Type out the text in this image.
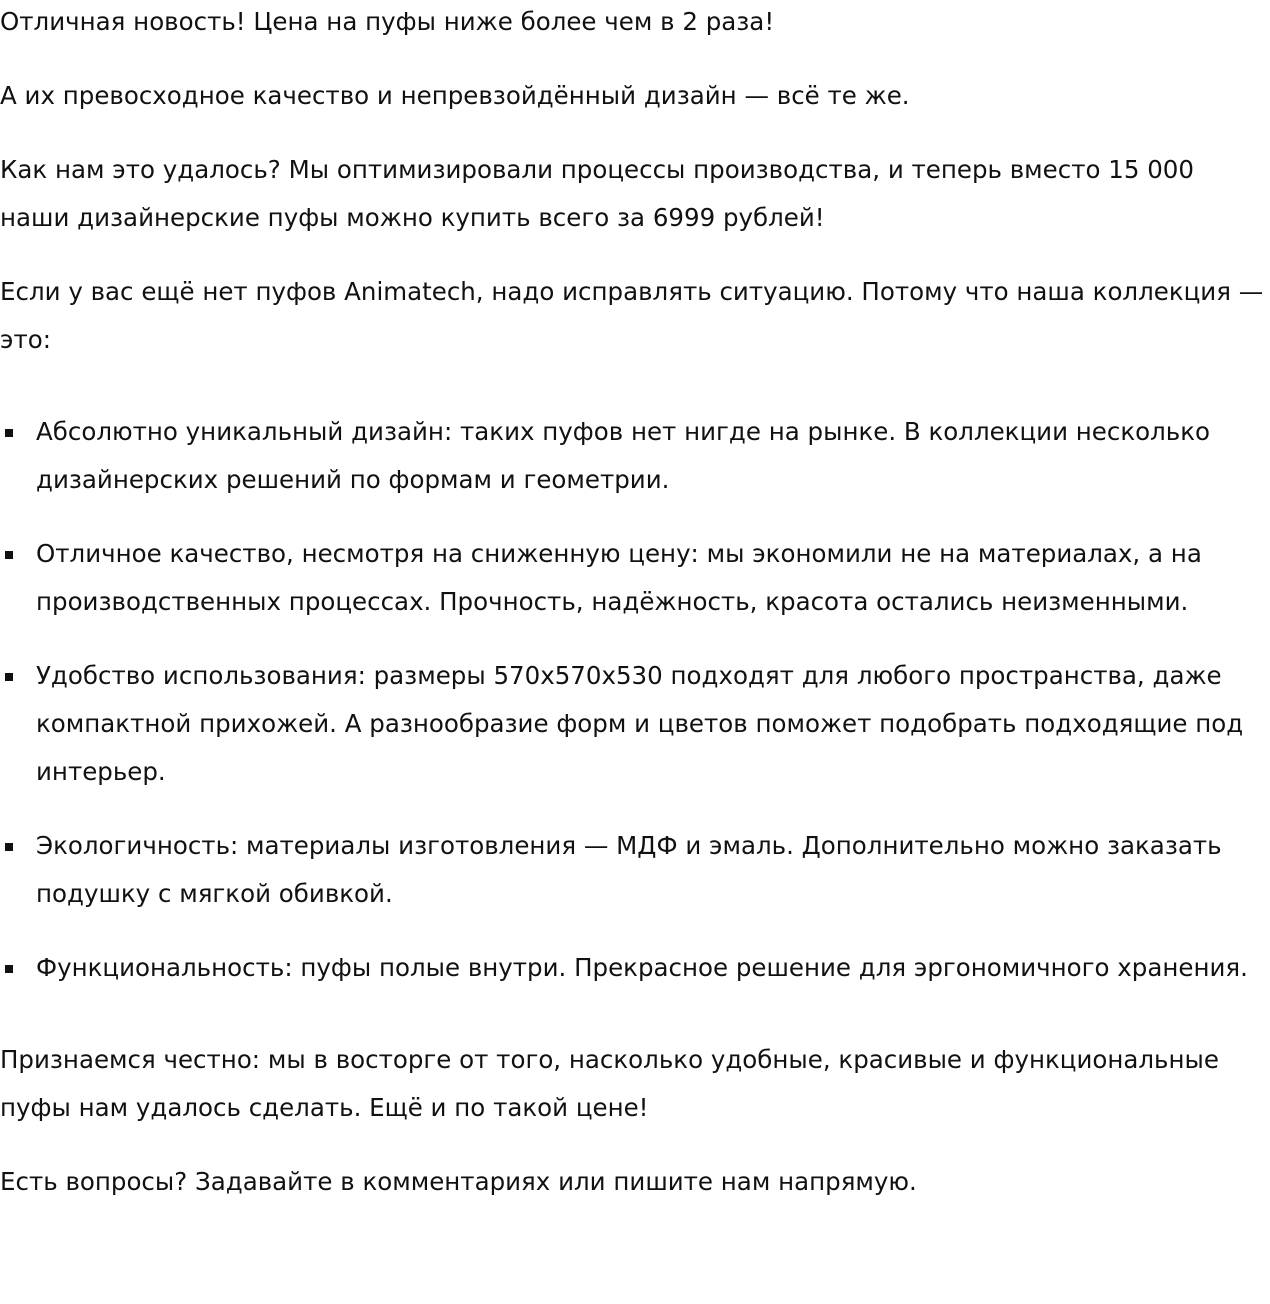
Отличная новость! Цена на пуфы ниже более чем в 2 раза!

А их превосходное качество и непревзойдённый дизайн — всё те же.

Как нам это удалось? Мы оптимизировали процессы производства, и теперь вместо 15 000 наши дизайнерские пуфы можно купить всего за 6999 рублей!

Если у вас ещё нет пуфов Animatech, надо исправлять ситуацию. Потому что наша коллекция — это:

Абсолютно уникальный дизайн: таких пуфов нет нигде на рынке. В коллекции несколько дизайнерских решений по формам и геометрии.
Отличное качество, несмотря на сниженную цену: мы экономили не на материалах, а на производственных процессах. Прочность, надёжность, красота остались неизменными.
Удобство использования: размеры 570х570х530 подходят для любого пространства, даже компактной прихожей. А разнообразие форм и цветов поможет подобрать подходящие под интерьер.
Экологичность: материалы изготовления — МДФ и эмаль. Дополнительно можно заказать подушку с мягкой обивкой.
Функциональность: пуфы полые внутри. Прекрасное решение для эргономичного хранения.

Признаемся честно: мы в восторге от того, насколько удобные, красивые и функциональные пуфы нам удалось сделать. Ещё и по такой цене!

Есть вопросы? Задавайте в комментариях или пишите нам напрямую.
